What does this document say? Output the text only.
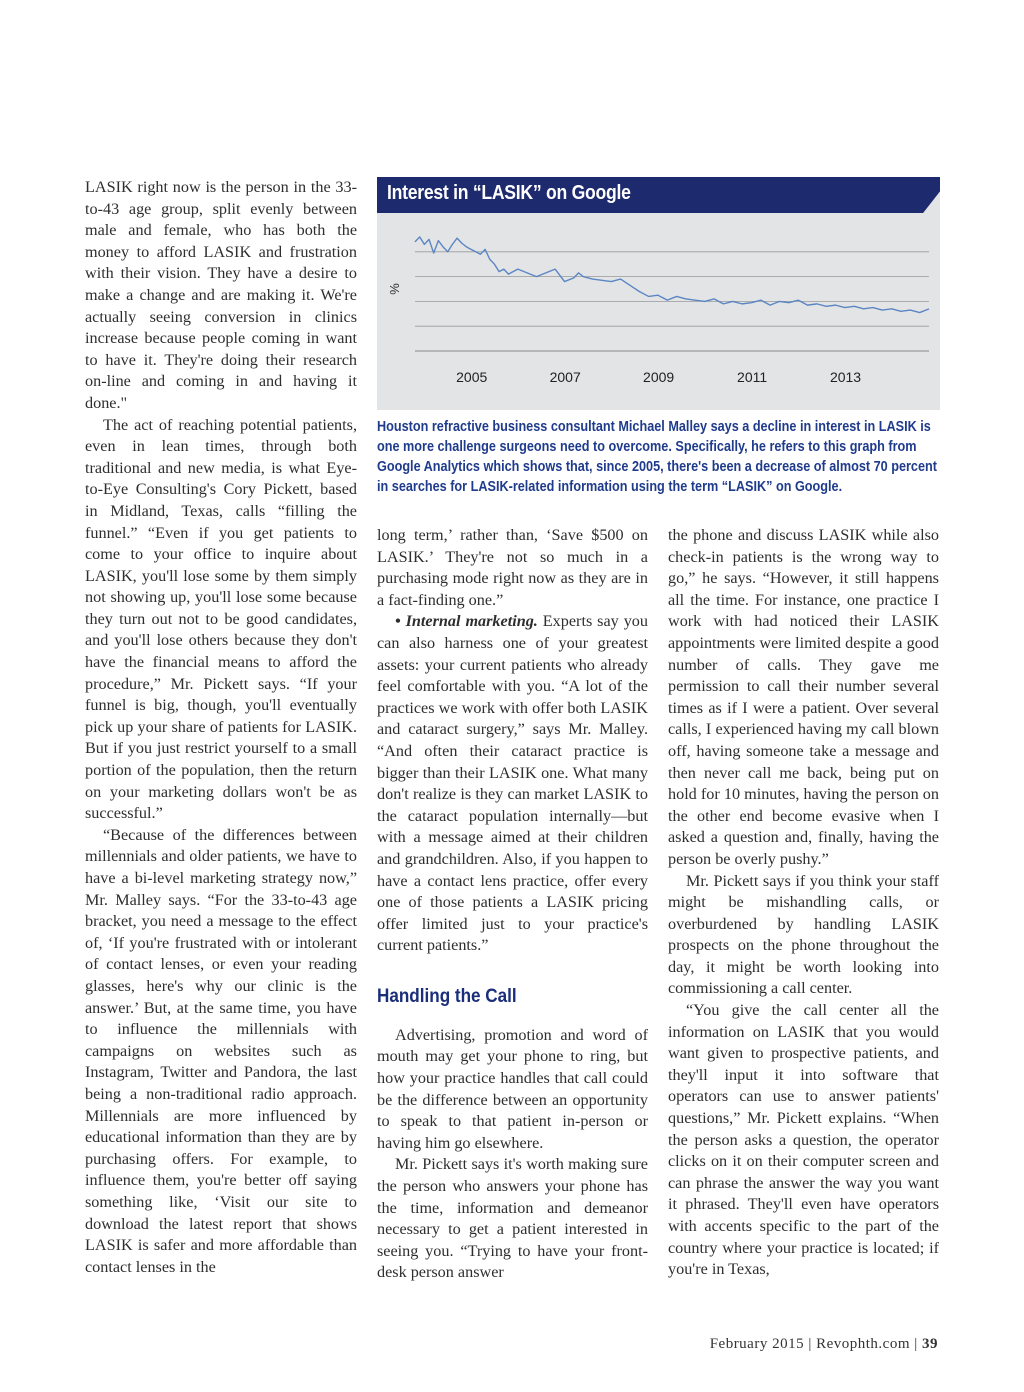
LASIK right now is the person in the 33-to-43 age group, split evenly between male and female, who has both the money to afford LASIK and frustration with their vision. They have a desire to make a change and are making it. We're actually seeing conversion in clinics increase because people coming in want to have it. They're doing their research on-line and coming in and having it done."

The act of reaching potential patients, even in lean times, through both traditional and new media, is what Eye-to-Eye Consulting's Cory Pickett, based in Midland, Texas, calls “filling the funnel.” “Even if you get patients to come to your office to inquire about LASIK, you'll lose some by them simply not showing up, you'll lose some because they turn out not to be good candidates, and you'll lose others because they don't have the financial means to afford the procedure,” Mr. Pickett says. “If your funnel is big, though, you'll eventually pick up your share of patients for LASIK. But if you just restrict yourself to a small portion of the population, then the return on your marketing dollars won't be as successful.”

“Because of the differences between millennials and older patients, we have to have a bi-level marketing strategy now,” Mr. Malley says. “For the 33-to-43 age bracket, you need a message to the effect of, ‘If you're frustrated with or intolerant of contact lenses, or even your reading glasses, here's why our clinic is the answer.’ But, at the same time, you have to influence the millennials with campaigns on websites such as Instagram, Twitter and Pandora, the last being a non-traditional radio approach. Millennials are more influenced by educational information than they are by purchasing offers. For example, to influence them, you're better off saying something like, ‘Visit our site to download the latest report that shows LASIK is safer and more affordable than contact lenses in the

Interest in “LASIK” on Google
%
2005	2007	2009	2011	2013
Houston refractive business consultant Michael Malley says a decline in interest in LASIK is one more challenge surgeons need to overcome. Specifically, he refers to this graph from Google Analytics which shows that, since 2005, there's been a decrease of almost 70 percent in searches for LASIK-related information using the term “LASIK” on Google.

long term,’ rather than, ‘Save $500 on LASIK.’ They're not so much in a purchasing mode right now as they are in a fact-finding one.”

• Internal marketing. Experts say you can also harness one of your greatest assets: your current patients who already feel comfortable with you. “A lot of the practices we work with offer both LASIK and cataract surgery,” says Mr. Malley. “And often their cataract practice is bigger than their LASIK one. What many don't realize is they can market LASIK to the cataract population internally—but with a message aimed at their children and grandchildren. Also, if you happen to have a contact lens practice, offer every one of those patients a LASIK pricing offer limited just to your practice's current patients.”

Handling the Call

Advertising, promotion and word of mouth may get your phone to ring, but how your practice handles that call could be the difference between an opportunity to speak to that patient in-person or having him go elsewhere.

Mr. Pickett says it's worth making sure the person who answers your phone has the time, information and demeanor necessary to get a patient interested in seeing you. “Trying to have your front-desk person answer

the phone and discuss LASIK while also check-in patients is the wrong way to go,” he says. “However, it still happens all the time. For instance, one practice I work with had noticed their LASIK appointments were limited despite a good number of calls. They gave me permission to call their number several times as if I were a patient. Over several calls, I experienced having my call blown off, having someone take a message and then never call me back, being put on hold for 10 minutes, having the person on the other end become evasive when I asked a question and, finally, having the person be overly pushy.”

Mr. Pickett says if you think your staff might be mishandling calls, or overburdened by handling LASIK prospects on the phone throughout the day, it might be worth looking into commissioning a call center.

“You give the call center all the information on LASIK that you would want given to prospective patients, and they'll input it into software that operators can use to answer patients' questions,” Mr. Pickett explains. “When the person asks a question, the operator clicks on it on their computer screen and can phrase the answer the way you want it phrased. They'll even have operators with accents specific to the part of the country where your practice is located; if you're in Texas,

February 2015 | Revophth.com | 39
